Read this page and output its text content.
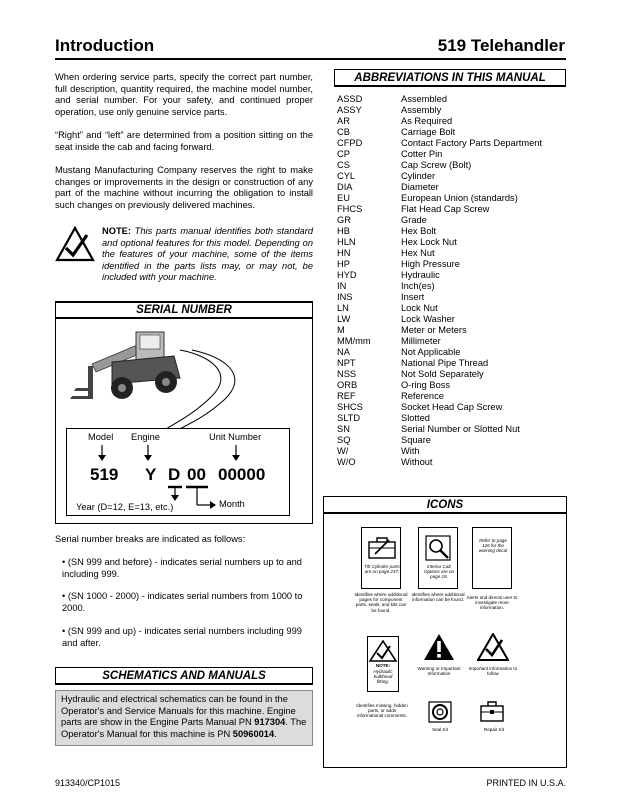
Introduction	519 Telehandler
When ordering service parts, specify the correct part number, full description, quantity required, the machine model number, and serial number. For your safety, and continued proper operation, use only genuine service parts.
“Right” and “left” are determined from a position sitting on the seat inside the cab and facing forward.
Mustang Manufacturing Company reserves the right to make changes or improvements in the design or construction of any part of the machine without incurring the obligation to install such changes on previously delivered machines.
NOTE: This parts manual identifies both standard and optional features for this model. Depending on the features of your machine, some of the items identified in the parts lists may, or may not, be included with your machine.
SERIAL NUMBER
Model Engine	Unit Number
519 Y D 00 00000
Year (D=12, E=13, etc.)	Month
Serial number breaks are indicated as follows:
• (SN 999 and before) - indicates serial numbers up to and including 999.
• (SN 1000 - 2000) - indicates serial numbers from 1000 to 2000.
• (SN 999 and up) - indicates serial numbers including 999 and after.
SCHEMATICS AND MANUALS
Hydraulic and electrical schematics can be found in the Operator's and Service Manuals for this machine. Engine parts are show in the Engine Parts Manual PN 917304. The Operator's Manual for this machine is PN 50960014.
ABBREVIATIONS IN THIS MANUAL
ASSD	Assembled
ASSY	Assembly
AR	As Required
CB	Carriage Bolt
CFPD	Contact Factory Parts Department
CP	Cotter Pin
CS	Cap Screw (Bolt)
CYL	Cylinder
DIA	Diameter
EU	European Union (standards)
FHCS	Flat Head Cap Screw
GR	Grade
HB	Hex Bolt
HLN	Hex Lock Nut
HN	Hex Nut
HP	High Pressure
HYD	Hydraulic
IN	Inch(es)
INS	Insert
LN	Lock Nut
LW	Lock Washer
M	Meter or Meters
MM/mm	Millimeter
NA	Not Applicable
NPT	National Pipe Thread
NSS	Not Sold Separately
ORB	O-ring Boss
REF	Reference
SHCS	Socket Head Cap Screw
SLTD	Slotted
SN	Serial Number or Slotted Nut
SQ	Square
W/	With
W/O	Without
ICONS
Tilt Cylinder parts are on page 247.
Identifies where additional pages for component parts, seals, and kits can be found.
Interior Cab Options are on page 18.
Identifies where additional information can be found.
Refer to page 126 for the warning decal
Alerts and directs user to investigate more information.
NOTE:
Hydraulic bulkhead fitting.
Identifies missing, hidden parts, or adds informational comments.
Warning or Important Information
Important information to follow
Seal Kit	Repair Kit
913340/CP1015	PRINTED IN U.S.A.
